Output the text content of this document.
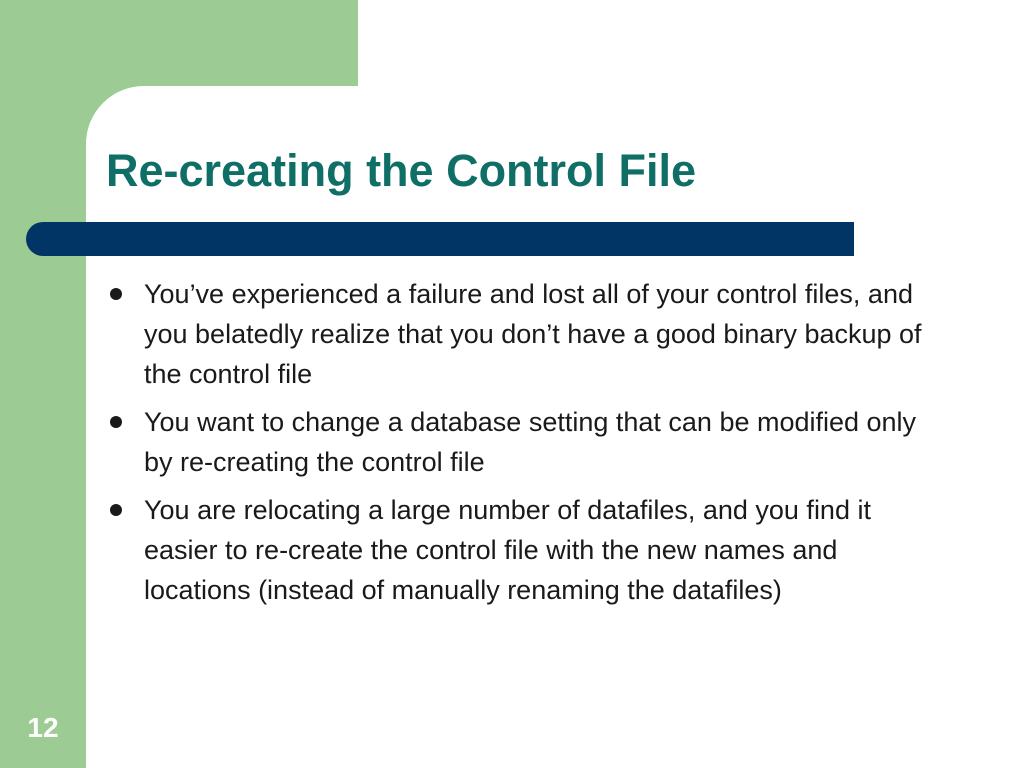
Re-creating the Control File
You’ve experienced a failure and lost all of your control files, and you belatedly realize that you don’t have a good binary backup of the control file
You want to change a database setting that can be modified only by re-creating the control file
You are relocating a large number of datafiles, and you find it easier to re-create the control file with the new names and locations (instead of manually renaming the datafiles)
12
